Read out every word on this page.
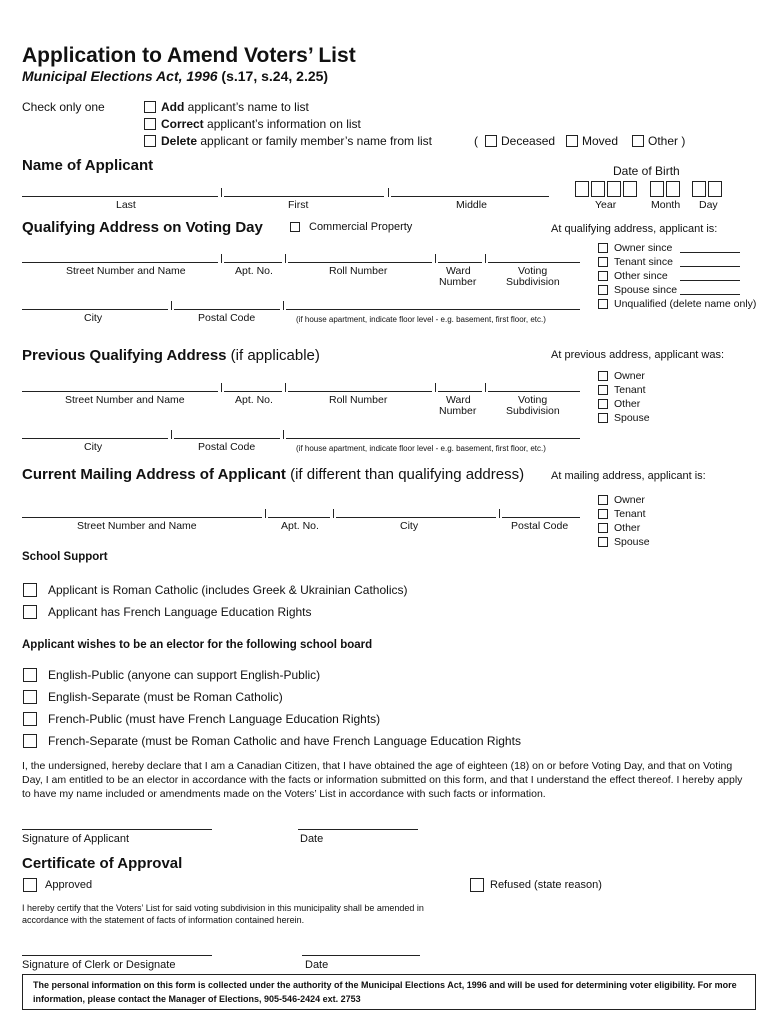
Application to Amend Voters’ List
Municipal Elections Act, 1996 (s.17, s.24, 2.25)
Check only one	Add applicant’s name to list
Correct applicant’s information on list
Delete applicant or family member’s name from list	( Deceased Moved Other )
Name of Applicant	Date of Birth
Last	First	Middle	Year	Month Day
Qualifying Address on Voting Day	Commercial Property	At qualifying address, applicant is:
Street Number and Name	Apt. No.	Roll Number	Ward
Number
Voting
Subdivision
Owner since
Tenant since
Other since
Spouse since
Unqualified (delete name only)
City	Postal Code	(if house apartment, indicate floor level - e.g. basement, first floor, etc.)
Previous Qualifying Address (if applicable)	At previous address, applicant was:
Street Number and Name	Apt. No.	Roll Number	Ward
Number
Voting
Subdivision
Owner
Tenant
Other
Spouse
City	Postal Code	(if house apartment, indicate floor level - e.g. basement, first floor, etc.)
Current Mailing Address of Applicant (if different than qualifying address) At mailing address, applicant is:
Street Number and Name	Apt. No.	City	Postal Code
Owner
Tenant
Other
Spouse
School Support
Applicant is Roman Catholic (includes Greek & Ukrainian Catholics)
Applicant has French Language Education Rights
Applicant wishes to be an elector for the following school board
English-Public (anyone can support English-Public)
English-Separate (must be Roman Catholic)
French-Public (must have French Language Education Rights)
French-Separate (must be Roman Catholic and have French Language Education Rights
I, the undersigned, hereby declare that I am a Canadian Citizen, that I have obtained the age of eighteen (18) on or before Voting Day, and that on Voting Day, I am entitled to be an elector in accordance with the facts or information submitted on this form, and that I understand the effect thereof. I hereby apply to have my name included or amendments made on the Voters’ List in accordance with such facts or information.
Signature of Applicant	Date
Certificate of Approval
Approved	Refused (state reason)
I hereby certify that the Voters’ List for said voting subdivision in this municipality shall be amended in accordance with the statement of facts of information contained herein.
Signature of Clerk or Designate	Date
The personal information on this form is collected under the authority of the Municipal Elections Act, 1996 and will be used for determining voter eligibility. For more information, please contact the Manager of Elections, 905-546-2424 ext. 2753
